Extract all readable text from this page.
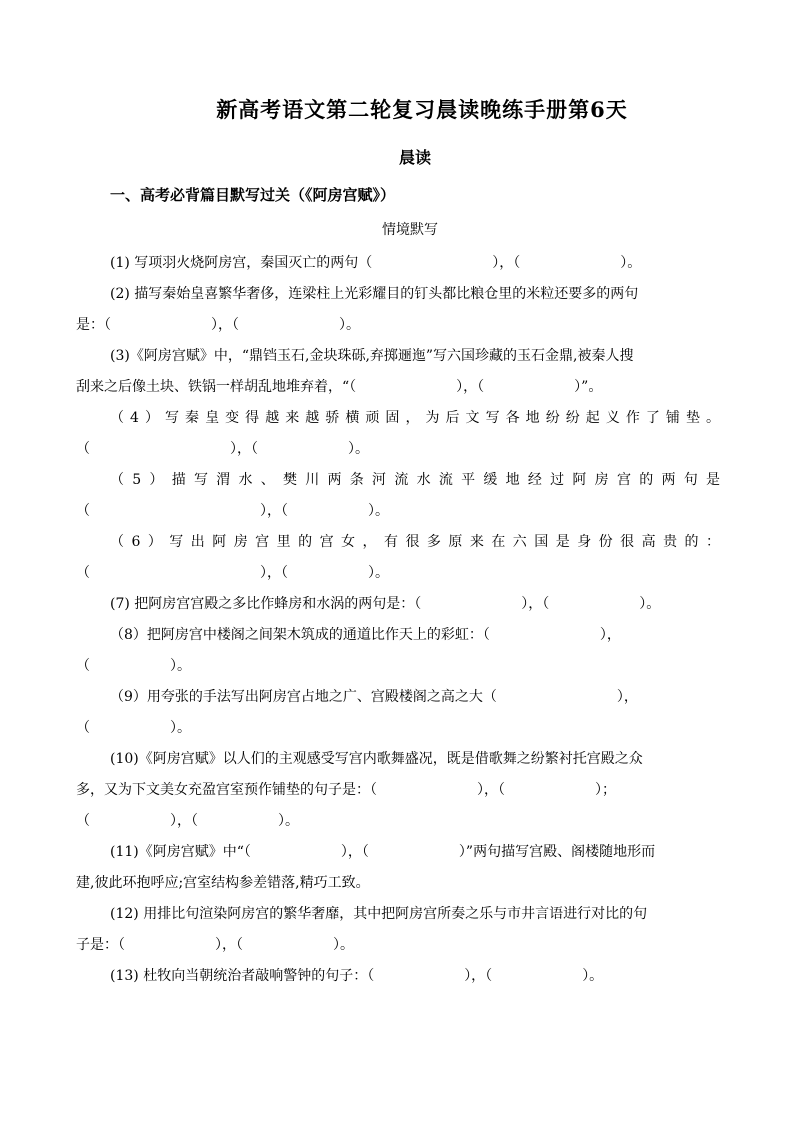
新高考语文第二轮复习晨读晚练手册第6天
晨读
一、高考必背篇目默写过关（《阿房宫赋》）
情境默写

(1) 写项羽火烧阿房宫，秦国灭亡的两句（	），（	）。

(2) 描写秦始皇喜繁华奢侈，连梁柱上光彩耀目的钉头都比粮仓里的米粒还要多的两句

是：（	），（	）。

(3)《阿房宫赋》中，“鼎铛玉石,金块珠砾,弃掷逦迤”写六国珍藏的玉石金鼎,被秦人搜

刮来之后像土块、铁锅一样胡乱地堆弃着，“（	），（	）”。

（4）写秦皇变得越来越骄横顽固，为后文写各地纷纷起义作了铺垫。

（	），（	）。

（5）描写渭水、樊川两条河流水流平缓地经过阿房宫的两句是

（	），（	）。

（6）写出阿房宫里的宫女，有很多原来在六国是身份很高贵的：

（	），（	）。

(7) 把阿房宫宫殿之多比作蜂房和水涡的两句是：（	），（	）。

（8）把阿房宫中楼阁之间架木筑成的通道比作天上的彩虹：（	），

（	）。

（9）用夸张的手法写出阿房宫占地之广、宫殿楼阁之高之大（	），

（	）。

(10)《阿房宫赋》以人们的主观感受写宫内歌舞盛况，既是借歌舞之纷繁衬托宫殿之众

多，又为下文美女充盈宫室预作铺垫的句子是：（	），（	）；

（	），（	）。

(11)《阿房宫赋》中“（	），（	）”两句描写宫殿、阁楼随地形而

建,彼此环抱呼应;宫室结构参差错落,精巧工致。

(12) 用排比句渲染阿房宫的繁华奢靡，其中把阿房宫所奏之乐与市井言语进行对比的句

子是：（	），（	）。

(13) 杜牧向当朝统治者敲响警钟的句子：（	），（	）。
